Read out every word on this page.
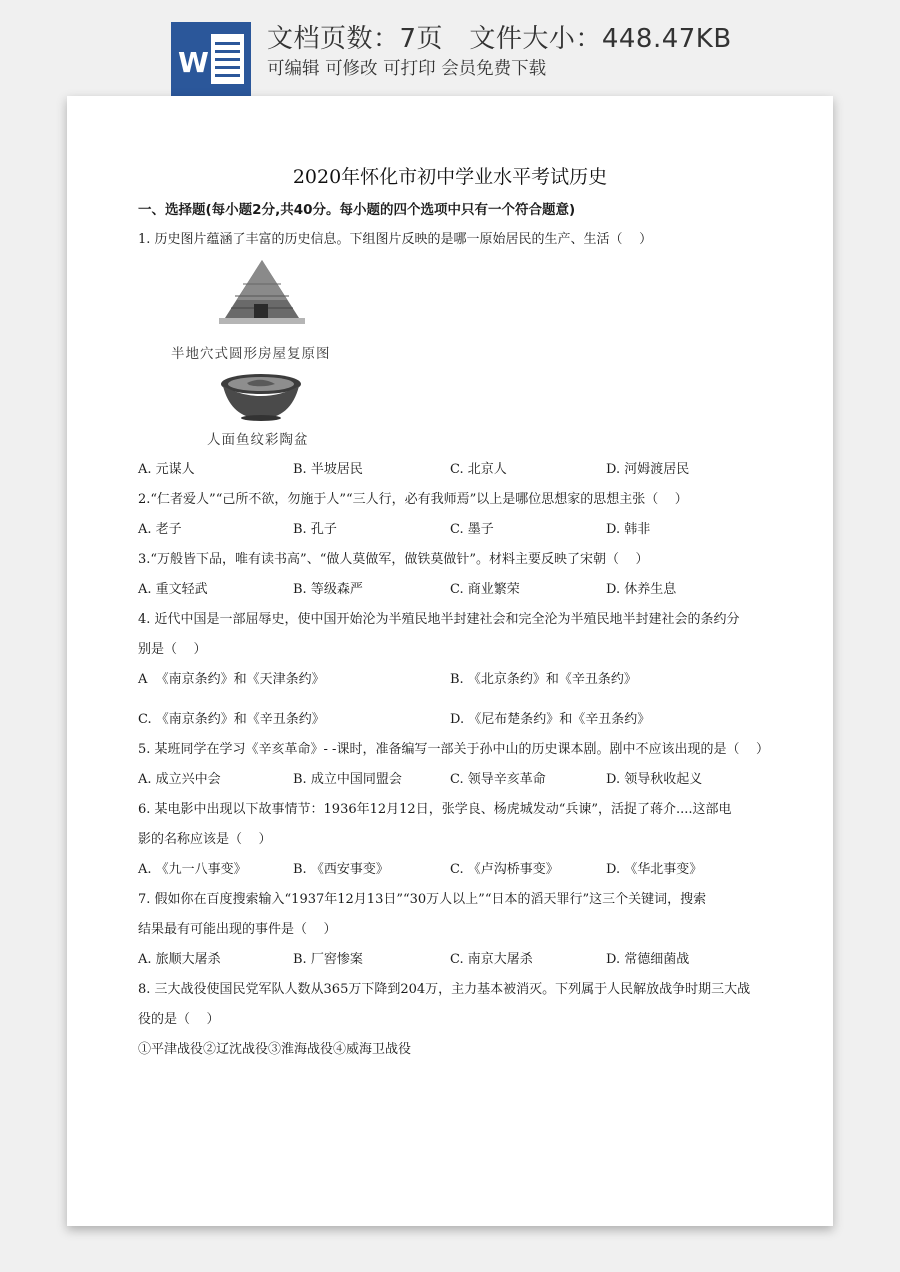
W
文档页数：7页   文件大小：448.47KB
可编辑 可修改 可打印 会员免费下载
2020年怀化市初中学业水平考试历史
一、选择题(每小题2分,共40分。每小题的四个选项中只有一个符合题意)
1. 历史图片蕴涵了丰富的历史信息。下组图片反映的是哪一原始居民的生产、生活（    ）
半地穴式圆形房屋复原图
人面鱼纹彩陶盆
A. 元谋人	B. 半坡居民	C. 北京人	D. 河姆渡居民
2.“仁者爱人”“己所不欲，勿施于人”“三人行，必有我师焉”以上是哪位思想家的思想主张（    ）
A. 老子	B. 孔子	C. 墨子	D. 韩非
3.“万般皆下品，唯有读书高”、“做人莫做军，做铁莫做针”。材料主要反映了宋朝（    ）
A. 重文轻武	B. 等级森严	C. 商业繁荣	D. 休养生息
4. 近代中国是一部屈辱史，使中国开始沦为半殖民地半封建社会和完全沦为半殖民地半封建社会的条约分
别是（    ）
A  《南京条约》和《天津条约》	B. 《北京条约》和《辛丑条约》
C. 《南京条约》和《辛丑条约》	D. 《尼布楚条约》和《辛丑条约》
5. 某班同学在学习《辛亥革命》- -课时，准备编写一部关于孙中山的历史课本剧。剧中不应该出现的是（    ）
A. 成立兴中会	B. 成立中国同盟会	C. 领导辛亥革命	D. 领导秋收起义
6. 某电影中出现以下故事情节：1936年12月12日，张学良、杨虎城发动“兵谏”，活捉了蒋介....这部电
影的名称应该是（    ）
A. 《九一八事变》	B. 《西安事变》	C. 《卢沟桥事变》	D. 《华北事变》
7. 假如你在百度搜索输入“1937年12月13日”“30万人以上”“日本的滔天罪行”这三个关键词，搜索
结果最有可能出现的事件是（    ）
A. 旅顺大屠杀	B. 厂窖惨案	C. 南京大屠杀	D. 常德细菌战
8. 三大战役使国民党军队人数从365万下降到204万，主力基本被消灭。下列属于人民解放战争时期三大战
役的是（    ）
①平津战役②辽沈战役③淮海战役④威海卫战役
